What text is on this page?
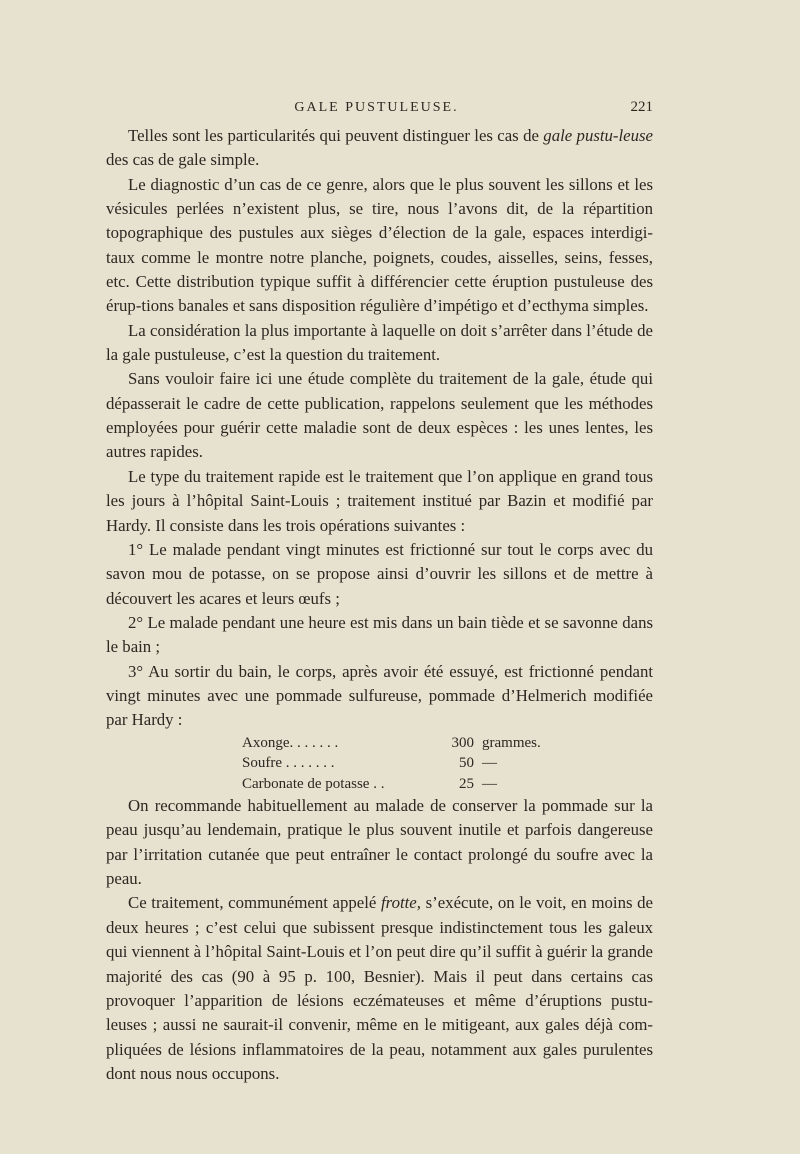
GALE PUSTULEUSE.	221

Telles sont les particularités qui peuvent distinguer les cas de gale pustu-leuse des cas de gale simple.

Le diagnostic d’un cas de ce genre, alors que le plus souvent les sillons et les vésicules perlées n’existent plus, se tire, nous l’avons dit, de la répartition topographique des pustules aux sièges d’élection de la gale, espaces interdigi-taux comme le montre notre planche, poignets, coudes, aisselles, seins, fesses, etc. Cette distribution typique suffit à différencier cette éruption pustuleuse des érup-tions banales et sans disposition régulière d’impétigo et d’ecthyma simples.

La considération la plus importante à laquelle on doit s’arrêter dans l’étude de la gale pustuleuse, c’est la question du traitement.

Sans vouloir faire ici une étude complète du traitement de la gale, étude qui dépasserait le cadre de cette publication, rappelons seulement que les méthodes employées pour guérir cette maladie sont de deux espèces : les unes lentes, les autres rapides.

Le type du traitement rapide est le traitement que l’on applique en grand tous les jours à l’hôpital Saint-Louis ; traitement institué par Bazin et modifié par Hardy. Il consiste dans les trois opérations suivantes :

1° Le malade pendant vingt minutes est frictionné sur tout le corps avec du savon mou de potasse, on se propose ainsi d’ouvrir les sillons et de mettre à découvert les acares et leurs œufs ;

2° Le malade pendant une heure est mis dans un bain tiède et se savonne dans le bain ;

3° Au sortir du bain, le corps, après avoir été essuyé, est frictionné pendant vingt minutes avec une pommade sulfureuse, pommade d’Helmerich modifiée par Hardy :

Axonge. . . . . . .	300 grammes.
Soufre . . . . . . .	50 —
Carbonate de potasse . .	25 —

On recommande habituellement au malade de conserver la pommade sur la peau jusqu’au lendemain, pratique le plus souvent inutile et parfois dangereuse par l’irritation cutanée que peut entraîner le contact prolongé du soufre avec la peau.

Ce traitement, communément appelé frotte, s’exécute, on le voit, en moins de deux heures ; c’est celui que subissent presque indistinctement tous les galeux qui viennent à l’hôpital Saint-Louis et l’on peut dire qu’il suffit à guérir la grande majorité des cas (90 à 95 p. 100, Besnier). Mais il peut dans certains cas provoquer l’apparition de lésions eczémateuses et même d’éruptions pustu-leuses ; aussi ne saurait-il convenir, même en le mitigeant, aux gales déjà com-pliquées de lésions inflammatoires de la peau, notamment aux gales purulentes dont nous nous occupons.
